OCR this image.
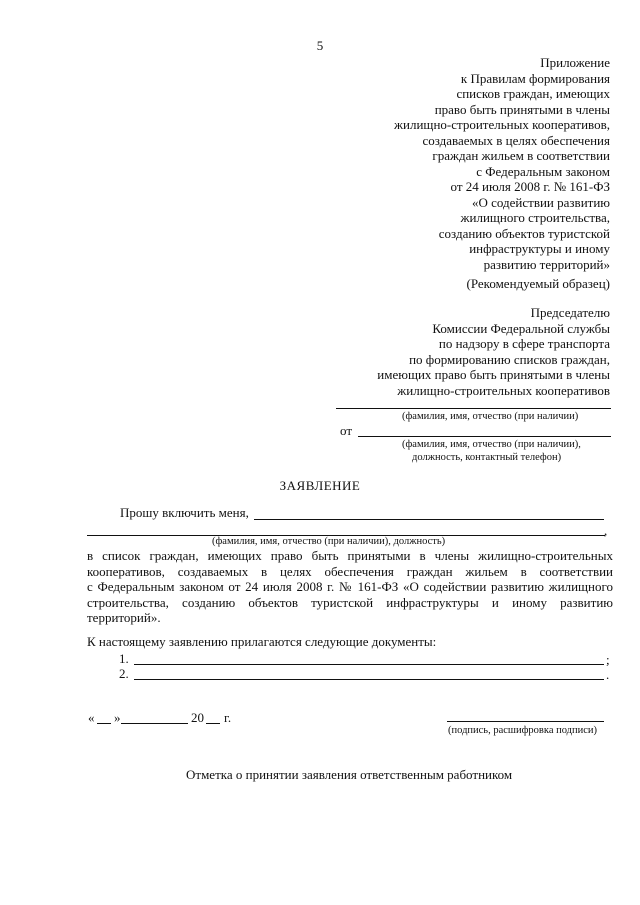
5
Приложение
к Правилам формирования
списков граждан, имеющих
право быть принятыми в члены
жилищно-строительных кооперативов,
создаваемых в целях обеспечения
граждан жильем в соответствии
с Федеральным законом
от 24 июля 2008 г. № 161-ФЗ
«О содействии развитию
жилищного строительства,
созданию объектов туристской
инфраструктуры и иному
развитию территорий»
(Рекомендуемый образец)
Председателю
Комиссии Федеральной службы
по надзору в сфере транспорта
по формированию списков граждан,
имеющих право быть принятыми в члены
жилищно-строительных кооперативов
(фамилия, имя, отчество (при наличии)
от
(фамилия, имя, отчество (при наличии),
должность, контактный телефон)
ЗАЯВЛЕНИЕ
Прошу включить меня,
,
(фамилия, имя, отчество (при наличии), должность)
в список граждан, имеющих право быть принятыми в члены жилищно-строительных
кооперативов, создаваемых в целях обеспечения граждан жильем в соответствии
с Федеральным законом от 24 июля 2008 г. № 161-ФЗ «О содействии развитию жилищного
строительства, созданию объектов туристской инфраструктуры и иному развитию
территорий».
К настоящему заявлению прилагаются следующие документы:
1.	;
2.	.
« »	20 г.
(подпись, расшифровка подписи)
Отметка о принятии заявления ответственным работником
